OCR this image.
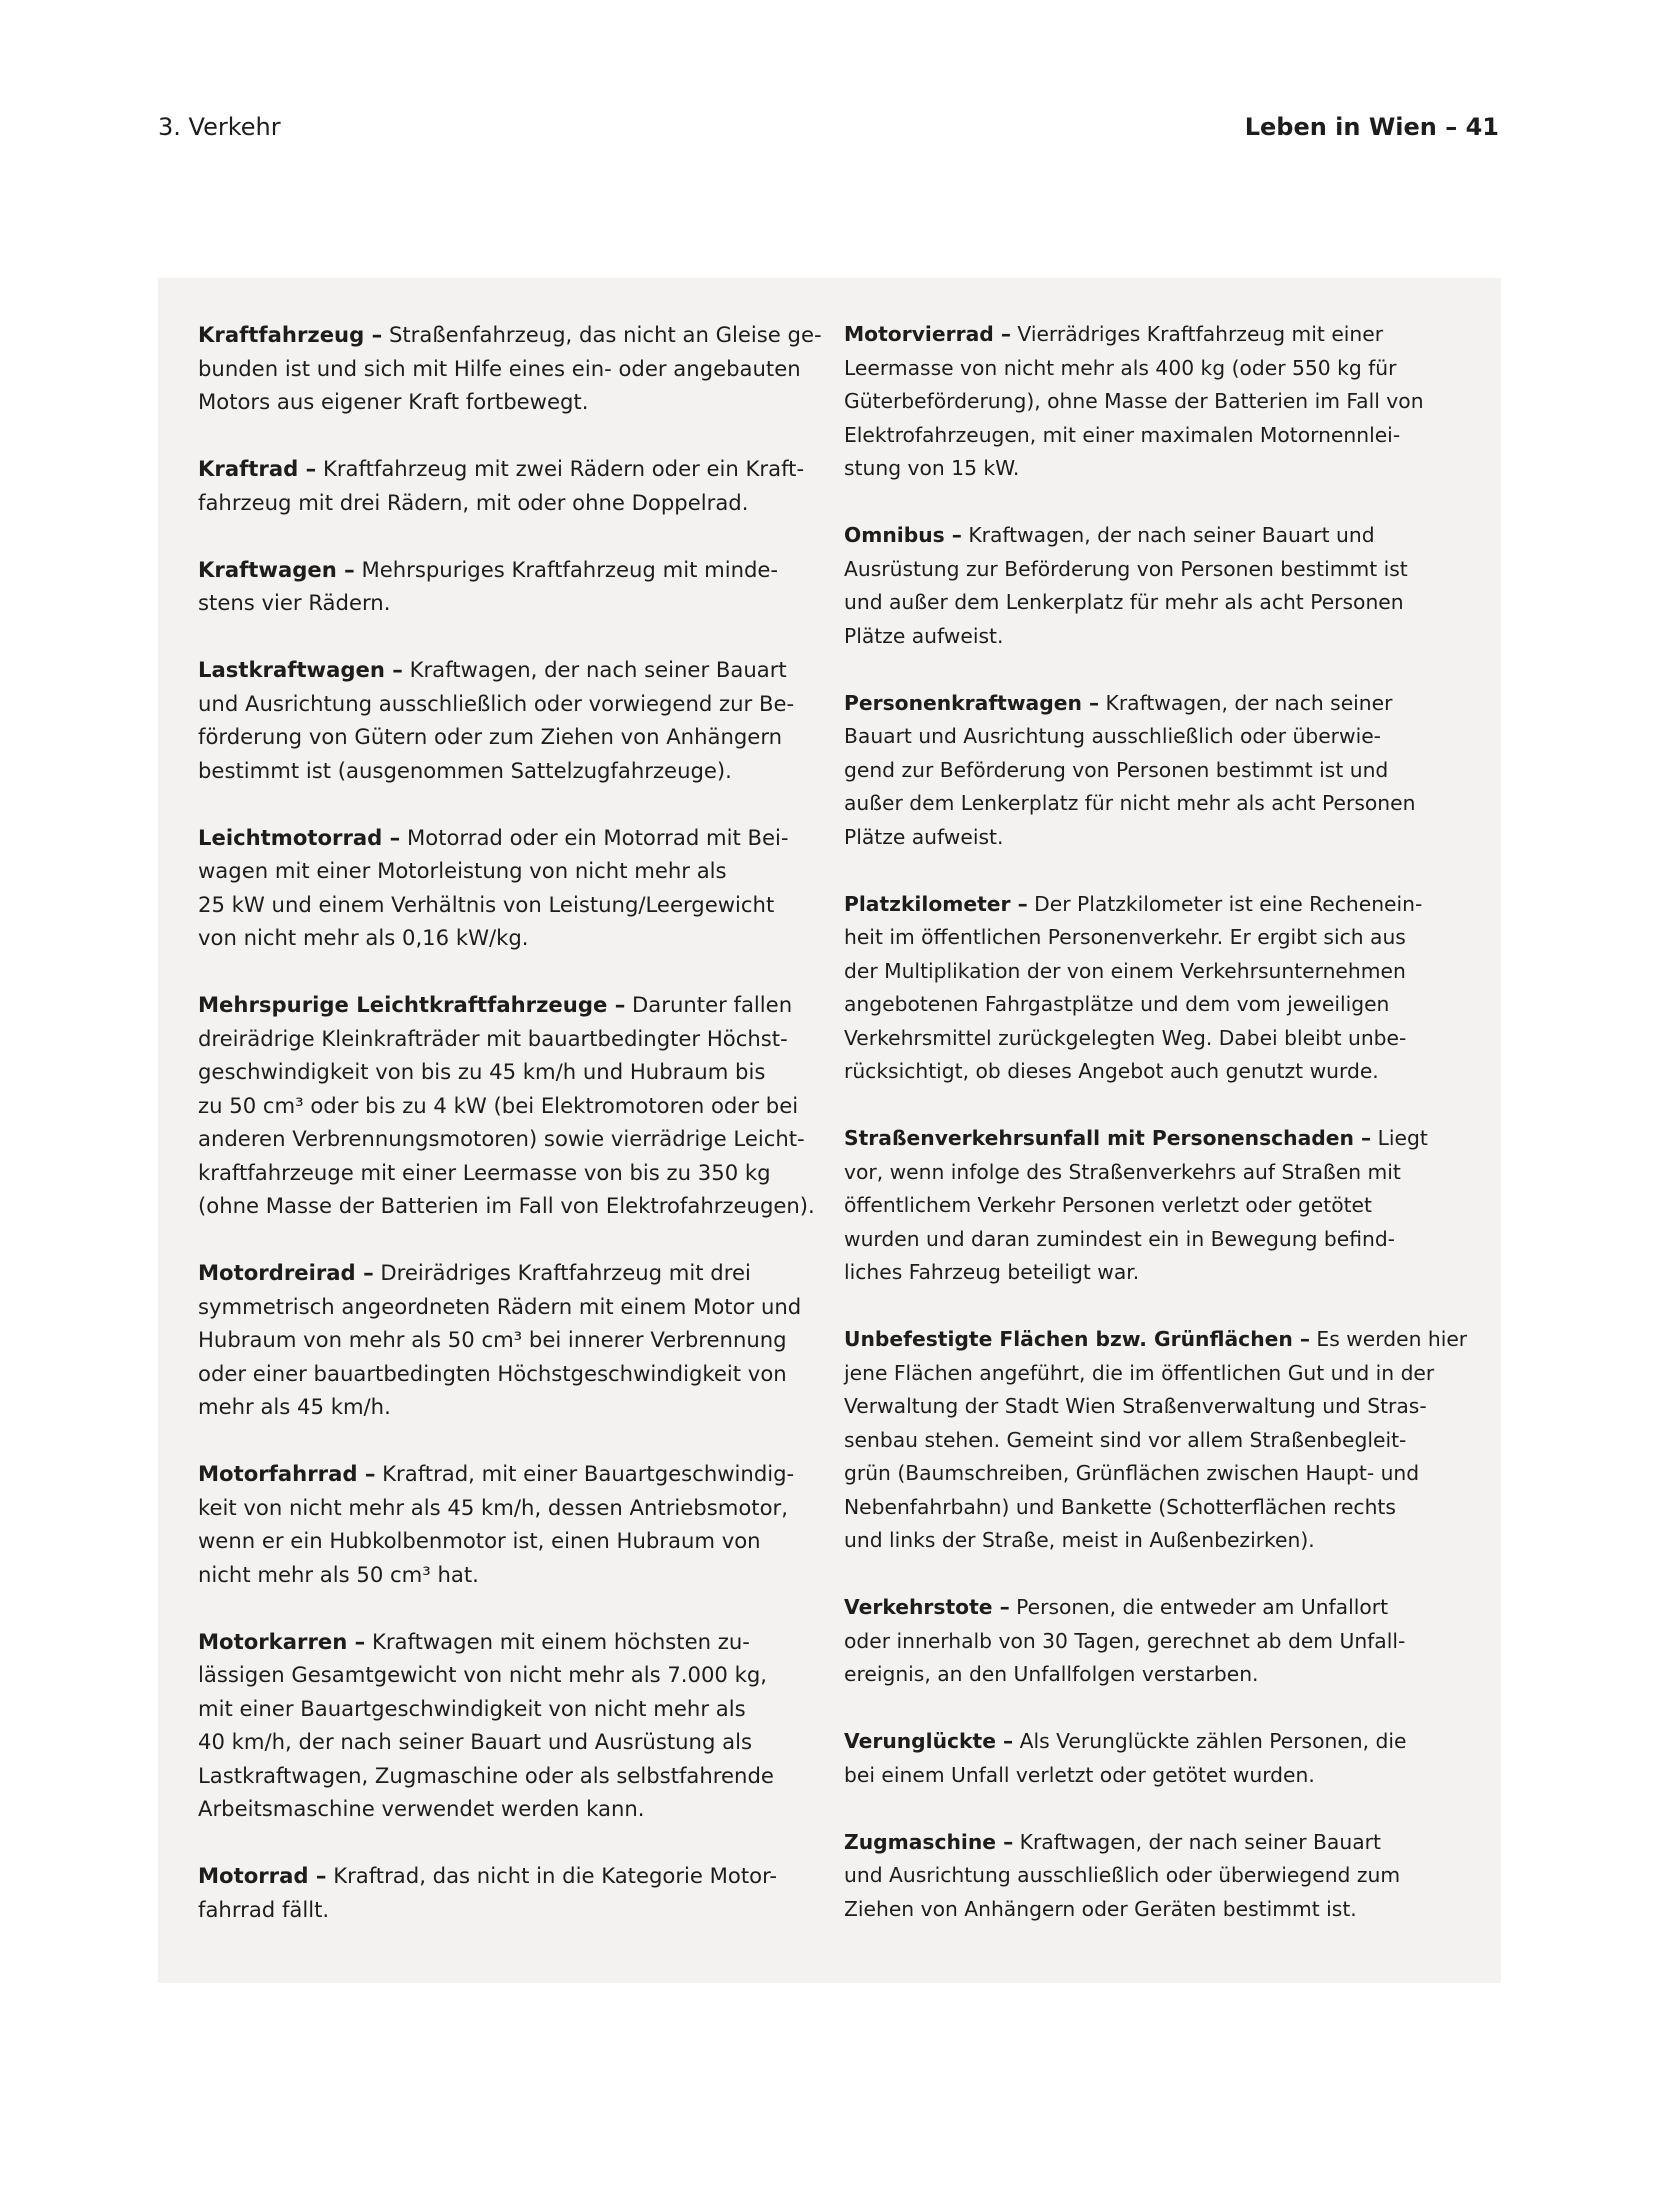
3. Verkehr	Leben in Wien – 41

Kraftfahrzeug – Straßenfahrzeug, das nicht an Gleise ge-
bunden ist und sich mit Hilfe eines ein- oder angebauten
Motors aus eigener Kraft fortbewegt.

Kraftrad – Kraftfahrzeug mit zwei Rädern oder ein Kraft-
fahrzeug mit drei Rädern, mit oder ohne Doppelrad.

Kraftwagen – Mehrspuriges Kraftfahrzeug mit minde-
stens vier Rädern.

Lastkraftwagen – Kraftwagen, der nach seiner Bauart
und Ausrichtung ausschließlich oder vorwiegend zur Be-
förderung von Gütern oder zum Ziehen von Anhängern
bestimmt ist (ausgenommen Sattelzugfahrzeuge).

Leichtmotorrad – Motorrad oder ein Motorrad mit Bei-
wagen mit einer Motorleistung von nicht mehr als
25 kW und einem Verhältnis von Leistung/Leergewicht
von nicht mehr als 0,16 kW/kg.

Mehrspurige Leichtkraftfahrzeuge – Darunter fallen
dreirädrige Kleinkrafträder mit bauartbedingter Höchst-
geschwindigkeit von bis zu 45 km/h und Hubraum bis
zu 50 cm³ oder bis zu 4 kW (bei Elektromotoren oder bei
anderen Verbrennungsmotoren) sowie vierrädrige Leicht-
kraftfahrzeuge mit einer Leermasse von bis zu 350 kg
(ohne Masse der Batterien im Fall von Elektrofahrzeugen).

Motordreirad – Dreirädriges Kraftfahrzeug mit drei
symmetrisch angeordneten Rädern mit einem Motor und
Hubraum von mehr als 50 cm³ bei innerer Verbrennung
oder einer bauartbedingten Höchstgeschwindigkeit von
mehr als 45 km/h.

Motorfahrrad – Kraftrad, mit einer Bauartgeschwindig-
keit von nicht mehr als 45 km/h, dessen Antriebsmotor,
wenn er ein Hubkolbenmotor ist, einen Hubraum von
nicht mehr als 50 cm³ hat.

Motorkarren – Kraftwagen mit einem höchsten zu-
lässigen Gesamtgewicht von nicht mehr als 7.000 kg,
mit einer Bauartgeschwindigkeit von nicht mehr als
40 km/h, der nach seiner Bauart und Ausrüstung als
Lastkraftwagen, Zugmaschine oder als selbstfahrende
Arbeitsmaschine verwendet werden kann.

Motorrad – Kraftrad, das nicht in die Kategorie Motor-
fahrrad fällt.

Motorvierrad – Vierrädriges Kraftfahrzeug mit einer
Leermasse von nicht mehr als 400 kg (oder 550 kg für
Güterbeförderung), ohne Masse der Batterien im Fall von
Elektrofahrzeugen, mit einer maximalen Motornennlei-
stung von 15 kW.

Omnibus – Kraftwagen, der nach seiner Bauart und
Ausrüstung zur Beförderung von Personen bestimmt ist
und außer dem Lenkerplatz für mehr als acht Personen
Plätze aufweist.

Personenkraftwagen – Kraftwagen, der nach seiner
Bauart und Ausrichtung ausschließlich oder überwie-
gend zur Beförderung von Personen bestimmt ist und
außer dem Lenkerplatz für nicht mehr als acht Personen
Plätze aufweist.

Platzkilometer – Der Platzkilometer ist eine Rechenein-
heit im öffentlichen Personenverkehr. Er ergibt sich aus
der Multiplikation der von einem Verkehrsunternehmen
angebotenen Fahrgastplätze und dem vom jeweiligen
Verkehrsmittel zurückgelegten Weg. Dabei bleibt unbe-
rücksichtigt, ob dieses Angebot auch genutzt wurde.

Straßenverkehrsunfall mit Personenschaden – Liegt
vor, wenn infolge des Straßenverkehrs auf Straßen mit
öffentlichem Verkehr Personen verletzt oder getötet
wurden und daran zumindest ein in Bewegung befind-
liches Fahrzeug beteiligt war.

Unbefestigte Flächen bzw. Grünflächen – Es werden hier
jene Flächen angeführt, die im öffentlichen Gut und in der
Verwaltung der Stadt Wien Straßenverwaltung und Stras-
senbau stehen. Gemeint sind vor allem Straßenbegleit-
grün (Baumschreiben, Grünflächen zwischen Haupt- und
Nebenfahrbahn) und Bankette (Schotterflächen rechts
und links der Straße, meist in Außenbezirken).

Verkehrstote – Personen, die entweder am Unfallort
oder innerhalb von 30 Tagen, gerechnet ab dem Unfall-
ereignis, an den Unfallfolgen verstarben.

Verunglückte – Als Verunglückte zählen Personen, die
bei einem Unfall verletzt oder getötet wurden.

Zugmaschine – Kraftwagen, der nach seiner Bauart
und Ausrichtung ausschließlich oder überwiegend zum
Ziehen von Anhängern oder Geräten bestimmt ist.
